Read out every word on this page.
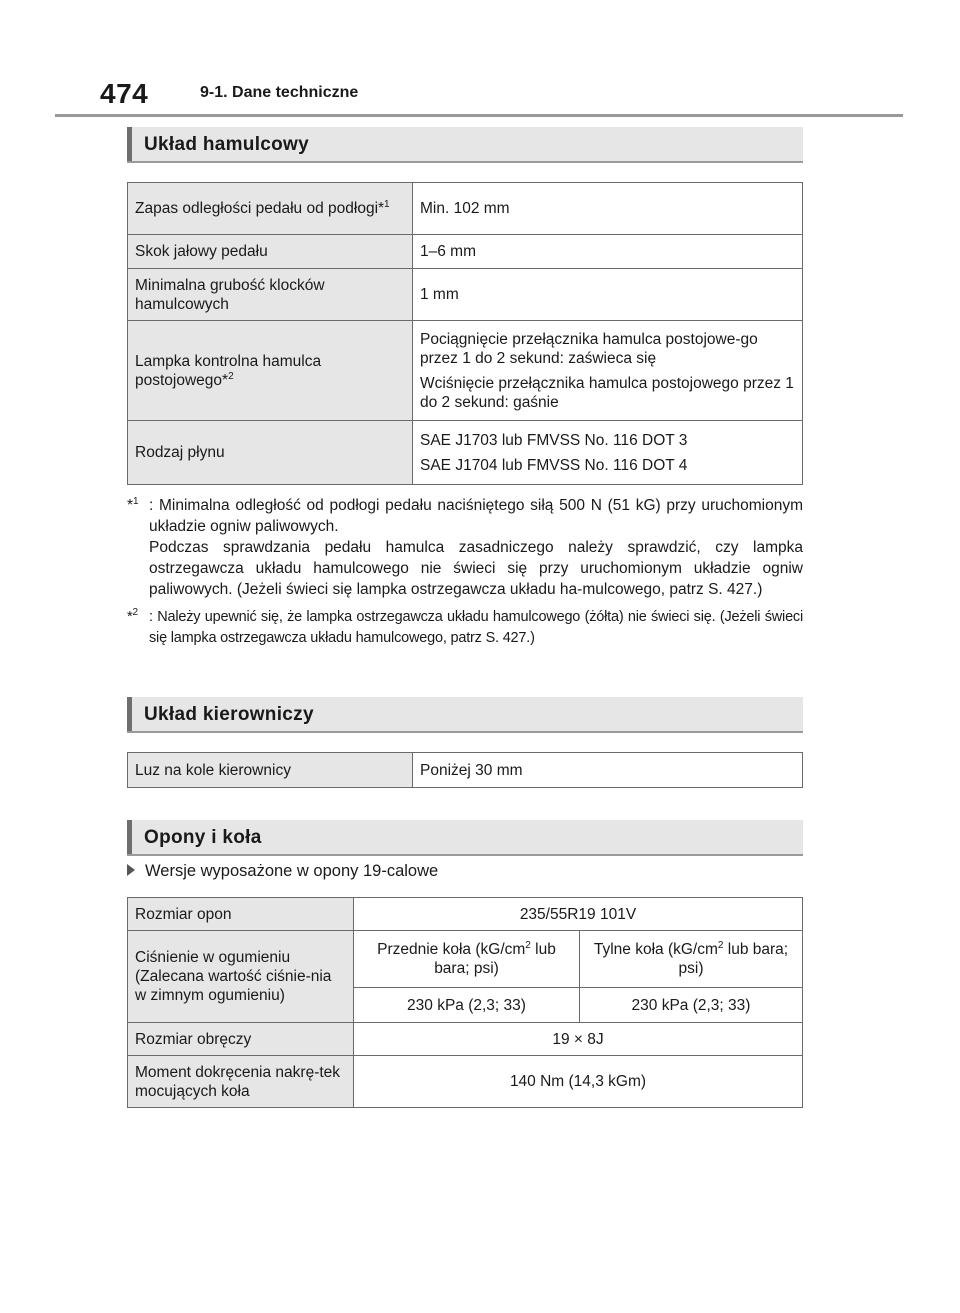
474	9-1. Dane techniczne
Układ hamulcowy
Zapas odległości pedału od podłogi*$^1$	Min. 102 mm
Skok jałowy pedału	1–6 mm
Minimalna grubość klocków hamulcowych	1 mm
Lampka kontrolna hamulca postojowego*$^2$	Pociągnięcie przełącznika hamulca postojowe-go przez 1 do 2 sekund: zaświeca się

Wciśnięcie przełącznika hamulca postojowego przez 1 do 2 sekund: gaśnie

Rodzaj płynu	SAE J1703 lub FMVSS No. 116 DOT 3

SAE J1704 lub FMVSS No. 116 DOT 4

*$^1$ : Minimalna odległość od podłogi pedału naciśniętego siłą 500 N (51 kG) przy uruchomionym układzie ogniw paliwowych.
Podczas sprawdzania pedału hamulca zasadniczego należy sprawdzić, czy lampka ostrzegawcza układu hamulcowego nie świeci się przy uruchomionym układzie ogniw paliwowych. (Jeżeli świeci się lampka ostrzegawcza układu ha-mulcowego, patrz S. 427.)
*$^2$ : Należy upewnić się, że lampka ostrzegawcza układu hamulcowego (żółta) nie świeci się. (Jeżeli świeci się lampka ostrzegawcza układu hamulcowego, patrz S. 427.)
Układ kierowniczy
Luz na kole kierownicy	Poniżej 30 mm
Opony i koła
Wersje wyposażone w opony 19-calowe
Rozmiar opon	235/55R19 101V	
Ciśnienie w ogumieniu (Zalecana wartość ciśnie-nia w zimnym ogumieniu)	Przednie koła ($kG/cm^2$ lub bara; psi)	Tylne koła ($kG/cm^2$ lub bara; psi)
	230 kPa (2,3; 33)	230 kPa (2,3; 33)
Rozmiar obręczy	19 × 8J	
Moment dokręcenia nakrę-tek mocujących koła	140 Nm (14,3 kGm)	
